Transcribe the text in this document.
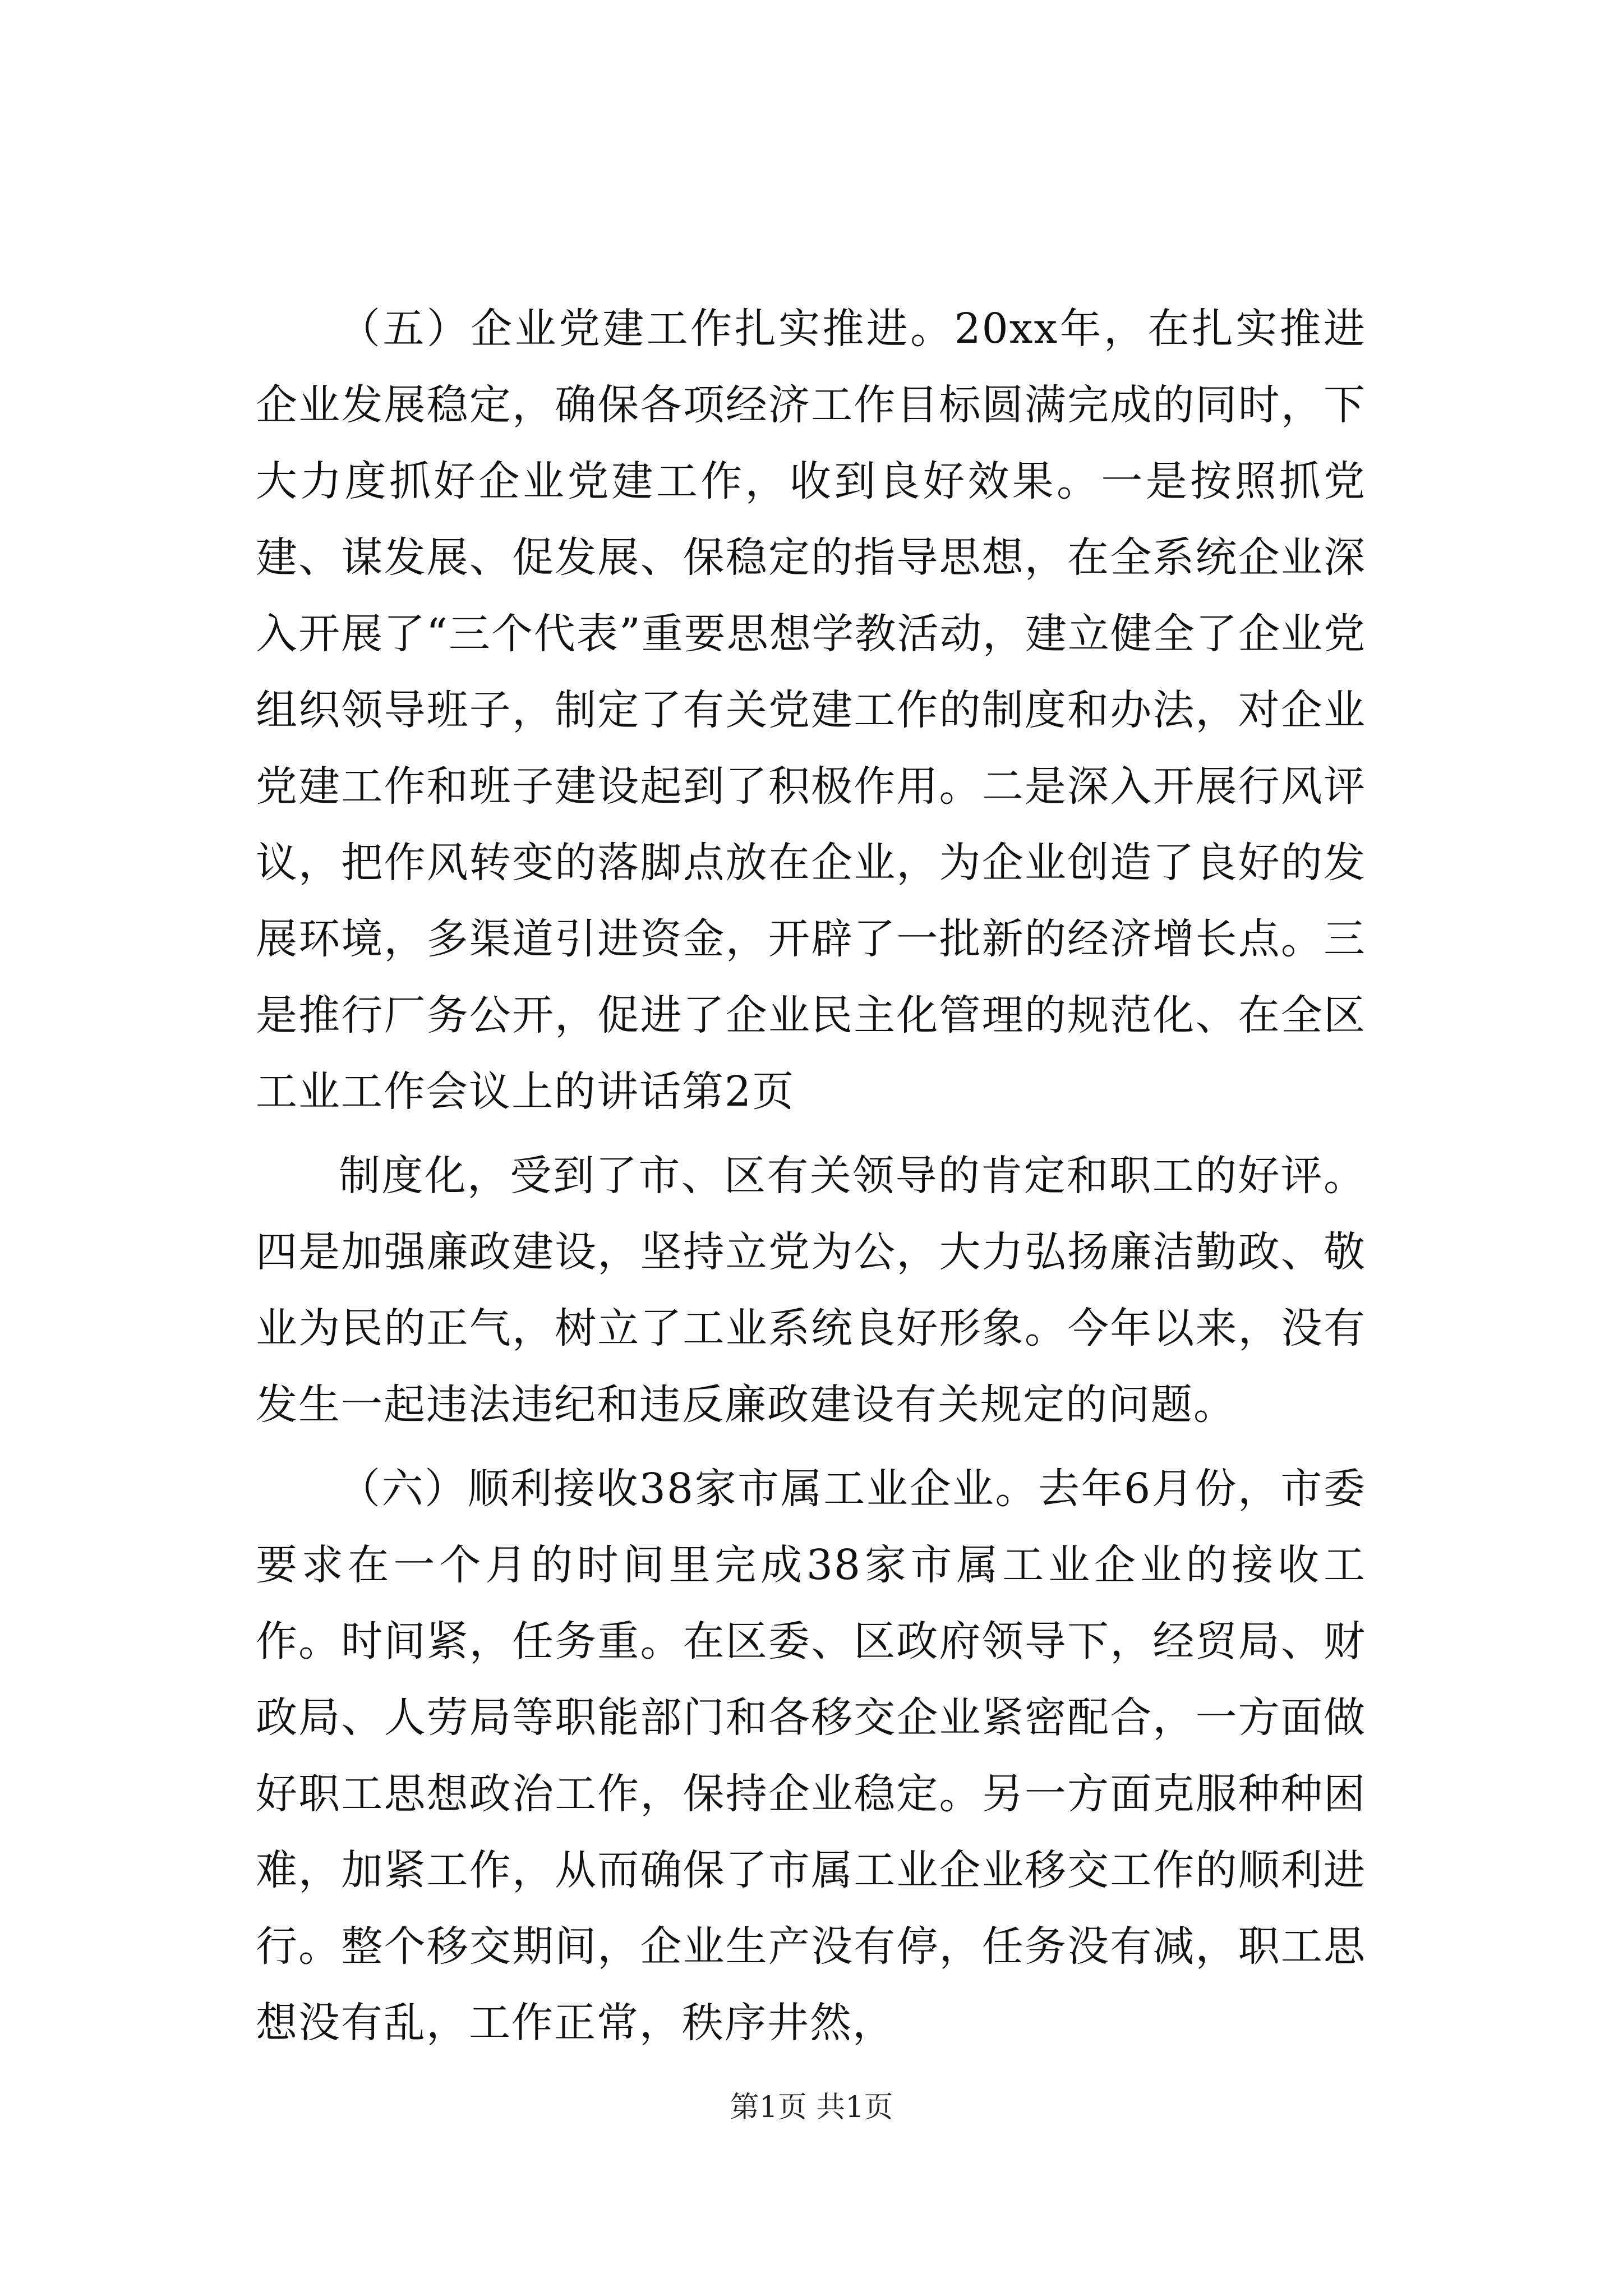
（五）企业党建工作扎实推进。20xx年，在扎实推进企业发展稳定，确保各项经济工作目标圆满完成的同时，下大力度抓好企业党建工作，收到良好效果。一是按照抓党建、谋发展、促发展、保稳定的指导思想，在全系统企业深入开展了“三个代表”重要思想学教活动，建立健全了企业党组织领导班子，制定了有关党建工作的制度和办法，对企业党建工作和班子建设起到了积极作用。二是深入开展行风评议，把作风转变的落脚点放在企业，为企业创造了良好的发展环境，多渠道引进资金，开辟了一批新的经济增长点。三是推行厂务公开，促进了企业民主化管理的规范化、在全区工业工作会议上的讲话第2页

制度化，受到了市、区有关领导的肯定和职工的好评。四是加强廉政建设，坚持立党为公，大力弘扬廉洁勤政、敬业为民的正气，树立了工业系统良好形象。今年以来，没有发生一起违法违纪和违反廉政建设有关规定的问题。

（六）顺利接收38家市属工业企业。去年6月份，市委要求在一个月的时间里完成38家市属工业企业的接收工作。时间紧，任务重。在区委、区政府领导下，经贸局、财政局、人劳局等职能部门和各移交企业紧密配合，一方面做好职工思想政治工作，保持企业稳定。另一方面克服种种困难，加紧工作，从而确保了市属工业企业移交工作的顺利进行。整个移交期间，企业生产没有停，任务没有减，职工思想没有乱，工作正常，秩序井然，

第1页 共1页
